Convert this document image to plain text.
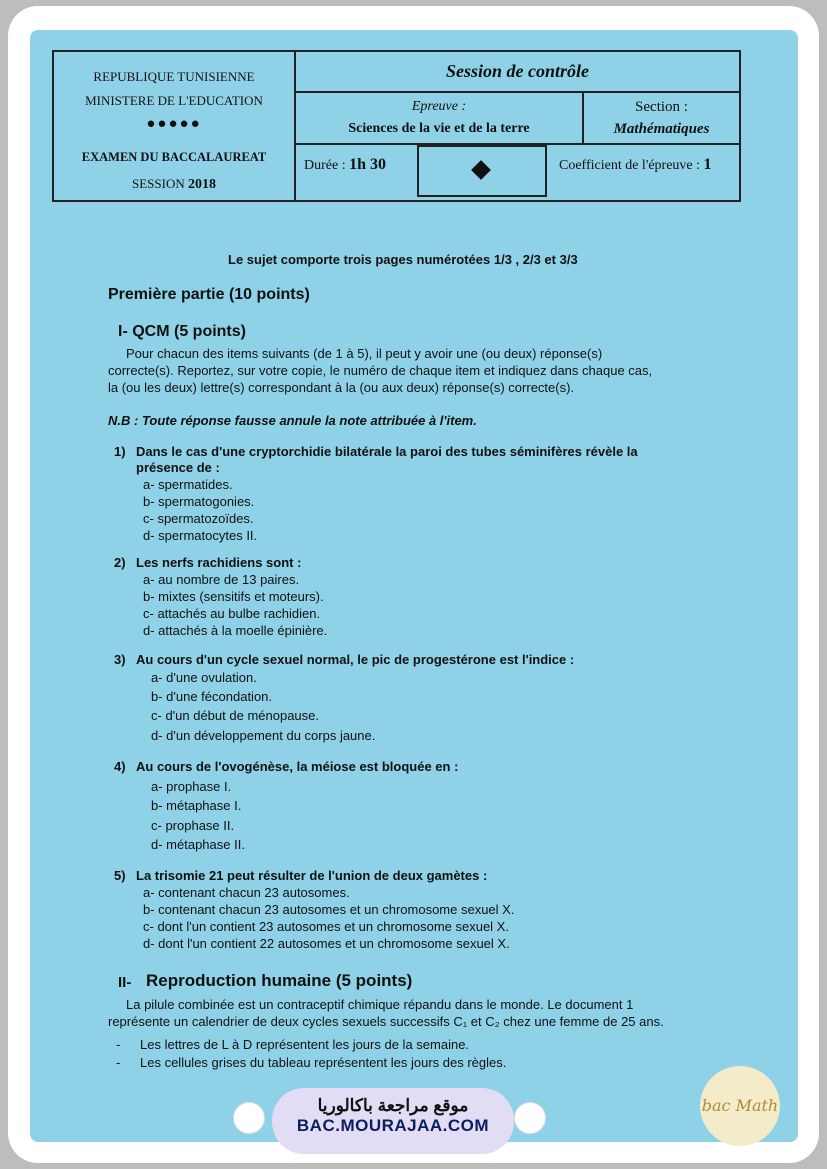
REPUBLIQUE TUNISIENNE
MINISTERE DE L'EDUCATION
●●●●●
EXAMEN DU BACCALAUREAT
SESSION 2018
Session de contrôle
Epreuve :
Sciences de la vie et de la terre
Section :
Mathématiques
Durée : 1h 30	Coefficient de l'épreuve : 1
Le sujet comporte trois pages numérotées 1/3 , 2/3 et 3/3
Première partie (10 points)
I- QCM (5 points)
Pour chacun des items suivants (de 1 à 5), il peut y avoir une (ou deux) réponse(s)
correcte(s). Reportez, sur votre copie, le numéro de chaque item et indiquez dans chaque cas,
la (ou les deux) lettre(s) correspondant à la (ou aux deux) réponse(s) correcte(s).
N.B : Toute réponse fausse annule la note attribuée à l'item.
1) Dans le cas d'une cryptorchidie bilatérale la paroi des tubes séminifères révèle la
présence de :
a- spermatides.
b- spermatogonies.
c- spermatozoïdes.
d- spermatocytes II.
2) Les nerfs rachidiens sont :
a- au nombre de 13 paires.
b- mixtes (sensitifs et moteurs).
c- attachés au bulbe rachidien.
d- attachés à la moelle épinière.
3) Au cours d'un cycle sexuel normal, le pic de progestérone est l'indice :
a- d'une ovulation.
b- d'une fécondation.
c- d'un début de ménopause.
d- d'un développement du corps jaune.
4) Au cours de l'ovogénèse, la méiose est bloquée en :
a- prophase I.
b- métaphase I.
c- prophase II.
d- métaphase II.
5) La trisomie 21 peut résulter de l'union de deux gamètes :
a- contenant chacun 23 autosomes.
b- contenant chacun 23 autosomes et un chromosome sexuel X.
c- dont l'un contient 23 autosomes et un chromosome sexuel X.
d- dont l'un contient 22 autosomes et un chromosome sexuel X.
II- Reproduction humaine (5 points)
La pilule combinée est un contraceptif chimique répandu dans le monde. Le document 1
représente un calendrier de deux cycles sexuels successifs C₁ et C₂ chez une femme de 25 ans.
- Les lettres de L à D représentent les jours de la semaine.
- Les cellules grises du tableau représentent les jours des règles.
موقع مراجعة باكالوريا
BAC.MOURAJAA.COM
bac Math
